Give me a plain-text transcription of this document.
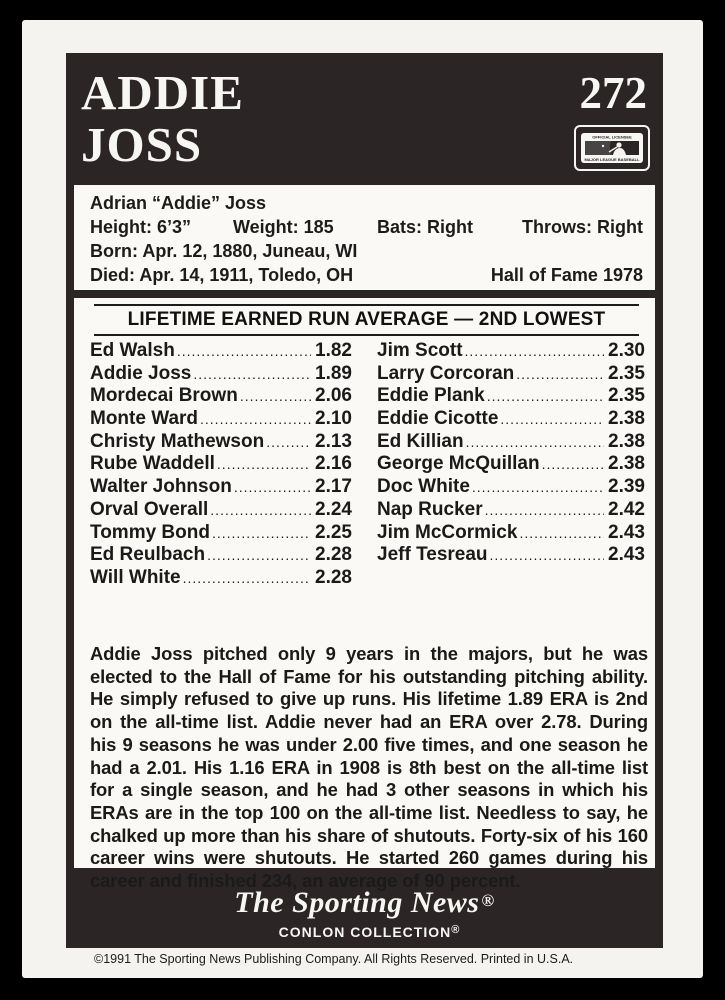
ADDIE
JOSS
272
OFFICIAL LICENSEE
MAJOR LEAGUE BASEBALL
Adrian “Addie” Joss
Height: 6’3” Weight: 185 Bats: Right	Throws: Right
Born: Apr. 12, 1880, Juneau, WI
Died: Apr. 14, 1911, Toledo, OH	Hall of Fame 1978
LIFETIME EARNED RUN AVERAGE — 2ND LOWEST
Ed Walsh .....	1.82
Addie Joss .....	1.89
Mordecai Brown .....	2.06
Monte Ward .....	2.10
Christy Mathewson .....	2.13
Rube Waddell .....	2.16
Walter Johnson .....	2.17
Orval Overall .....	2.24
Tommy Bond .....	2.25
Ed Reulbach .....	2.28
Will White .....	2.28
Jim Scott .....	2.30
Larry Corcoran .....	2.35
Eddie Plank .....	2.35
Eddie Cicotte .....	2.38
Ed Killian .....	2.38
George McQuillan .....	2.38
Doc White .....	2.39
Nap Rucker .....	2.42
Jim McCormick .....	2.43
Jeff Tesreau .....	2.43
Addie Joss pitched only 9 years in the majors, but he was elected to the Hall of Fame for his outstanding pitching ability. He simply refused to give up runs. His lifetime 1.89 ERA is 2nd on the all-time list. Addie never had an ERA over 2.78. During his 9 seasons he was under 2.00 five times, and one season he had a 2.01. His 1.16 ERA in 1908 is 8th best on the all-time list for a single season, and he had 3 other seasons in which his ERAs are in the top 100 on the all-time list. Needless to say, he chalked up more than his share of shutouts. Forty-six of his 160 career wins were shutouts. He started 260 games during his career and finished 234, an average of 90 percent.
The Sporting News ®
CONLON COLLECTION®
©1991 The Sporting News Publishing Company. All Rights Reserved. Printed in U.S.A.
